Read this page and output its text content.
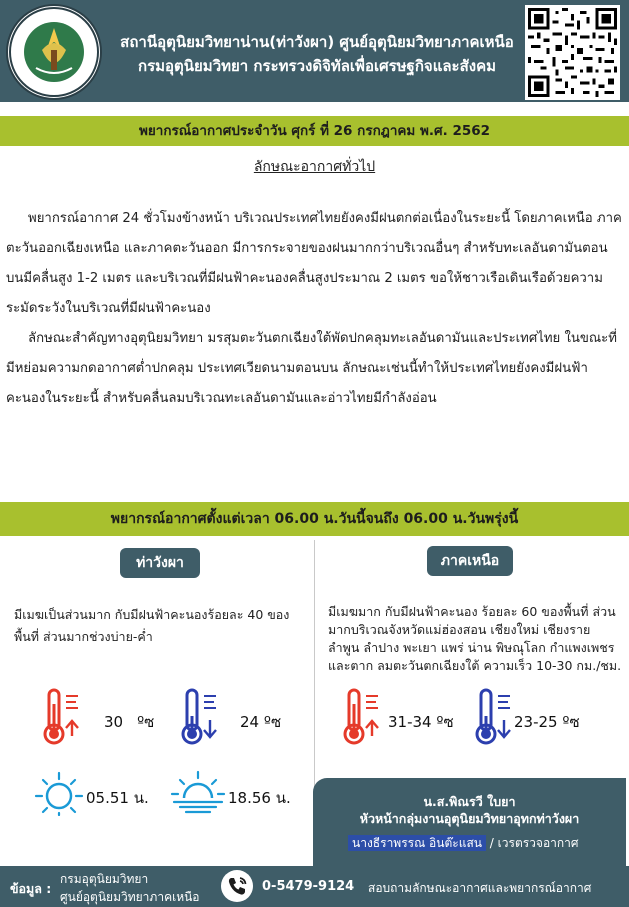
สถานีอุตุนิยมวิทยาน่าน(ท่าวังผา) ศูนย์อุตุนิยมวิทยาภาคเหนือ
กรมอุตุนิยมวิทยา กระทรวงดิจิทัลเพื่อเศรษฐกิจและสังคม
พยากรณ์อากาศประจำวัน ศุกร์ ที่ 26 กรกฎาคม พ.ศ. 2562
ลักษณะอากาศทั่วไป
พยากรณ์อากาศ 24 ชั่วโมงข้างหน้า บริเวณประเทศไทยยังคงมีฝนตกต่อเนื่องในระยะนี้ โดยภาคเหนือ ภาคตะวันออกเฉียงเหนือ และภาคตะวันออก มีการกระจายของฝนมากกว่าบริเวณอื่นๆ สำหรับทะเลอันดามันตอนบนมีคลื่นสูง 1-2 เมตร และบริเวณที่มีฝนฟ้าคะนองคลื่นสูงประมาณ 2 เมตร ขอให้ชาวเรือเดินเรือด้วยความระมัดระวังในบริเวณที่มีฝนฟ้าคะนอง
ลักษณะสำคัญทางอุตุนิยมวิทยา มรสุมตะวันตกเฉียงใต้พัดปกคลุมทะเลอันดามันและประเทศไทย ในขณะที่มีหย่อมความกดอากาศต่ำปกคลุม ประเทศเวียดนามตอนบน ลักษณะเช่นนี้ทำให้ประเทศไทยยังคงมีฝนฟ้าคะนองในระยะนี้ สำหรับคลื่นลมบริเวณทะเลอันดามันและอ่าวไทยมีกำลังอ่อน
พยากรณ์อากาศตั้งแต่เวลา 06.00 น.วันนี้จนถึง 06.00 น.วันพรุ่งนี้
ท่าวังผา
มีเมฆเป็นส่วนมาก กับมีฝนฟ้าคะนองร้อยละ 40 ของพื้นที่ ส่วนมากช่วงบ่าย-ค่ำ
30 ºซ	24 ºซ
05.51 น.	18.56 น.
ภาคเหนือ
มีเมฆมาก กับมีฝนฟ้าคะนอง ร้อยละ 60 ของพื้นที่ ส่วนมากบริเวณจังหวัดแม่ฮ่องสอน เชียงใหม่ เชียงราย ลำพูน ลำปาง พะเยา แพร่ น่าน พิษณุโลก กำแพงเพชร และตาก ลมตะวันตกเฉียงใต้ ความเร็ว 10-30 กม./ชม.
31-34 ºซ	23-25 ºซ
น.ส.พิณรวี ใบยา
หัวหน้ากลุ่มงานอุตุนิยมวิทยาอุทกท่าวังผา
นางธีราพรรณ อินต๊ะแสน / เวรตรวจอากาศ
ข้อมูล :
กรมอุตุนิยมวิทยา
ศูนย์อุตุนิยมวิทยาภาคเหนือ
0-5479-9124 สอบถามลักษณะอากาศและพยากรณ์อากาศ
